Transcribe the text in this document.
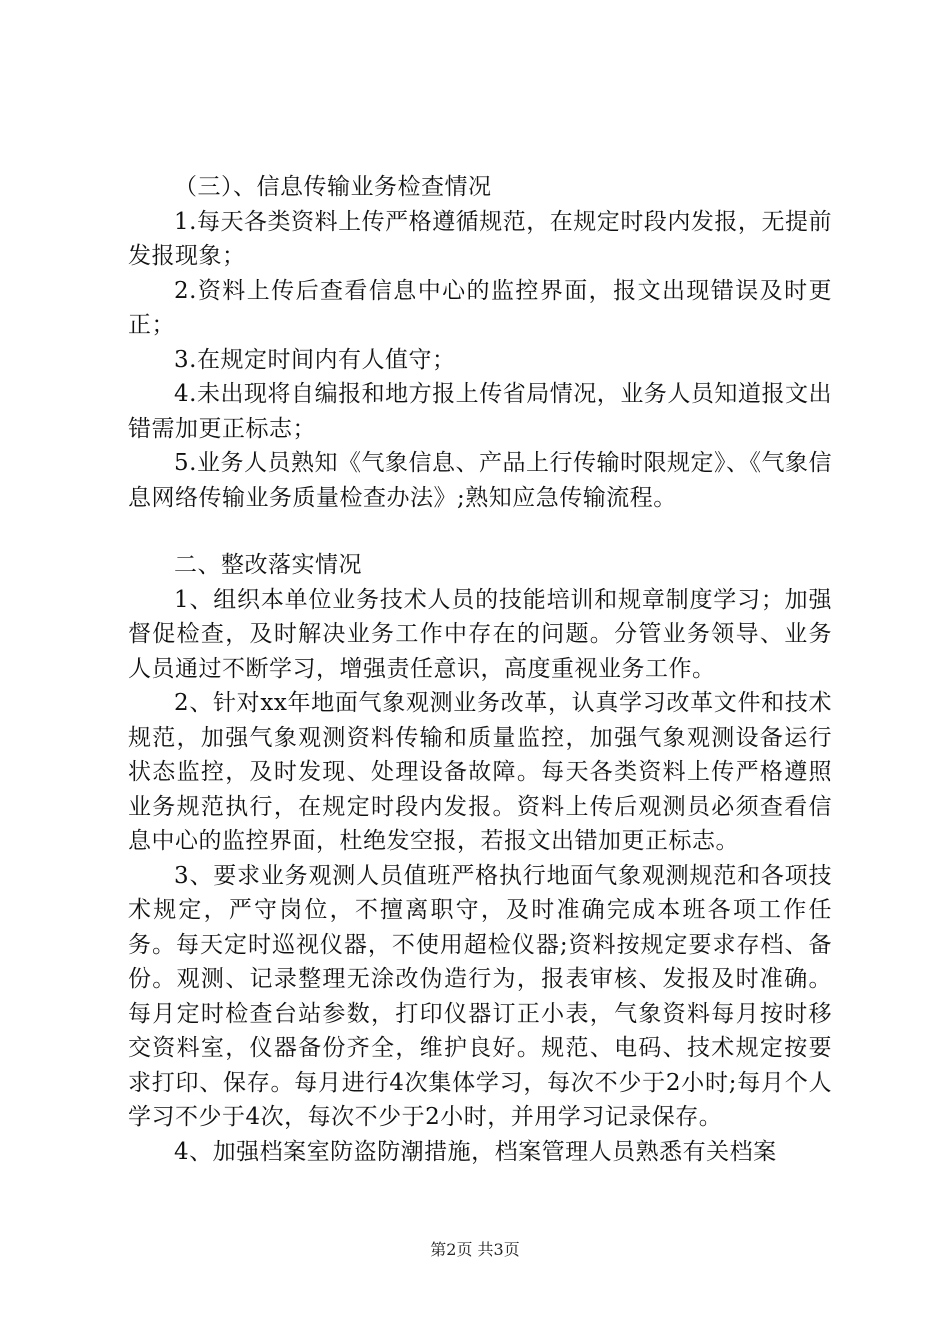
（三）、信息传输业务检查情况

1.每天各类资料上传严格遵循规范，在规定时段内发报，无提前发报现象；

2.资料上传后查看信息中心的监控界面，报文出现错误及时更正；

3.在规定时间内有人值守；

4.未出现将自编报和地方报上传省局情况，业务人员知道报文出错需加更正标志；

5.业务人员熟知《气象信息、产品上行传输时限规定》、《气象信息网络传输业务质量检查办法》;熟知应急传输流程。

二、整改落实情况

1、组织本单位业务技术人员的技能培训和规章制度学习；加强督促检查，及时解决业务工作中存在的问题。分管业务领导、业务人员通过不断学习，增强责任意识，高度重视业务工作。

2、针对xx年地面气象观测业务改革，认真学习改革文件和技术规范，加强气象观测资料传输和质量监控，加强气象观测设备运行状态监控，及时发现、处理设备故障。每天各类资料上传严格遵照业务规范执行，在规定时段内发报。资料上传后观测员必须查看信息中心的监控界面，杜绝发空报，若报文出错加更正标志。

3、要求业务观测人员值班严格执行地面气象观测规范和各项技术规定，严守岗位，不擅离职守，及时准确完成本班各项工作任务。每天定时巡视仪器，不使用超检仪器;资料按规定要求存档、备份。观测、记录整理无涂改伪造行为，报表审核、发报及时准确。每月定时检查台站参数，打印仪器订正小表，气象资料每月按时移交资料室，仪器备份齐全，维护良好。规范、电码、技术规定按要求打印、保存。每月进行4次集体学习，每次不少于2小时;每月个人学习不少于4次，每次不少于2小时，并用学习记录保存。

4、加强档案室防盗防潮措施，档案管理人员熟悉有关档案

第2页 共3页
